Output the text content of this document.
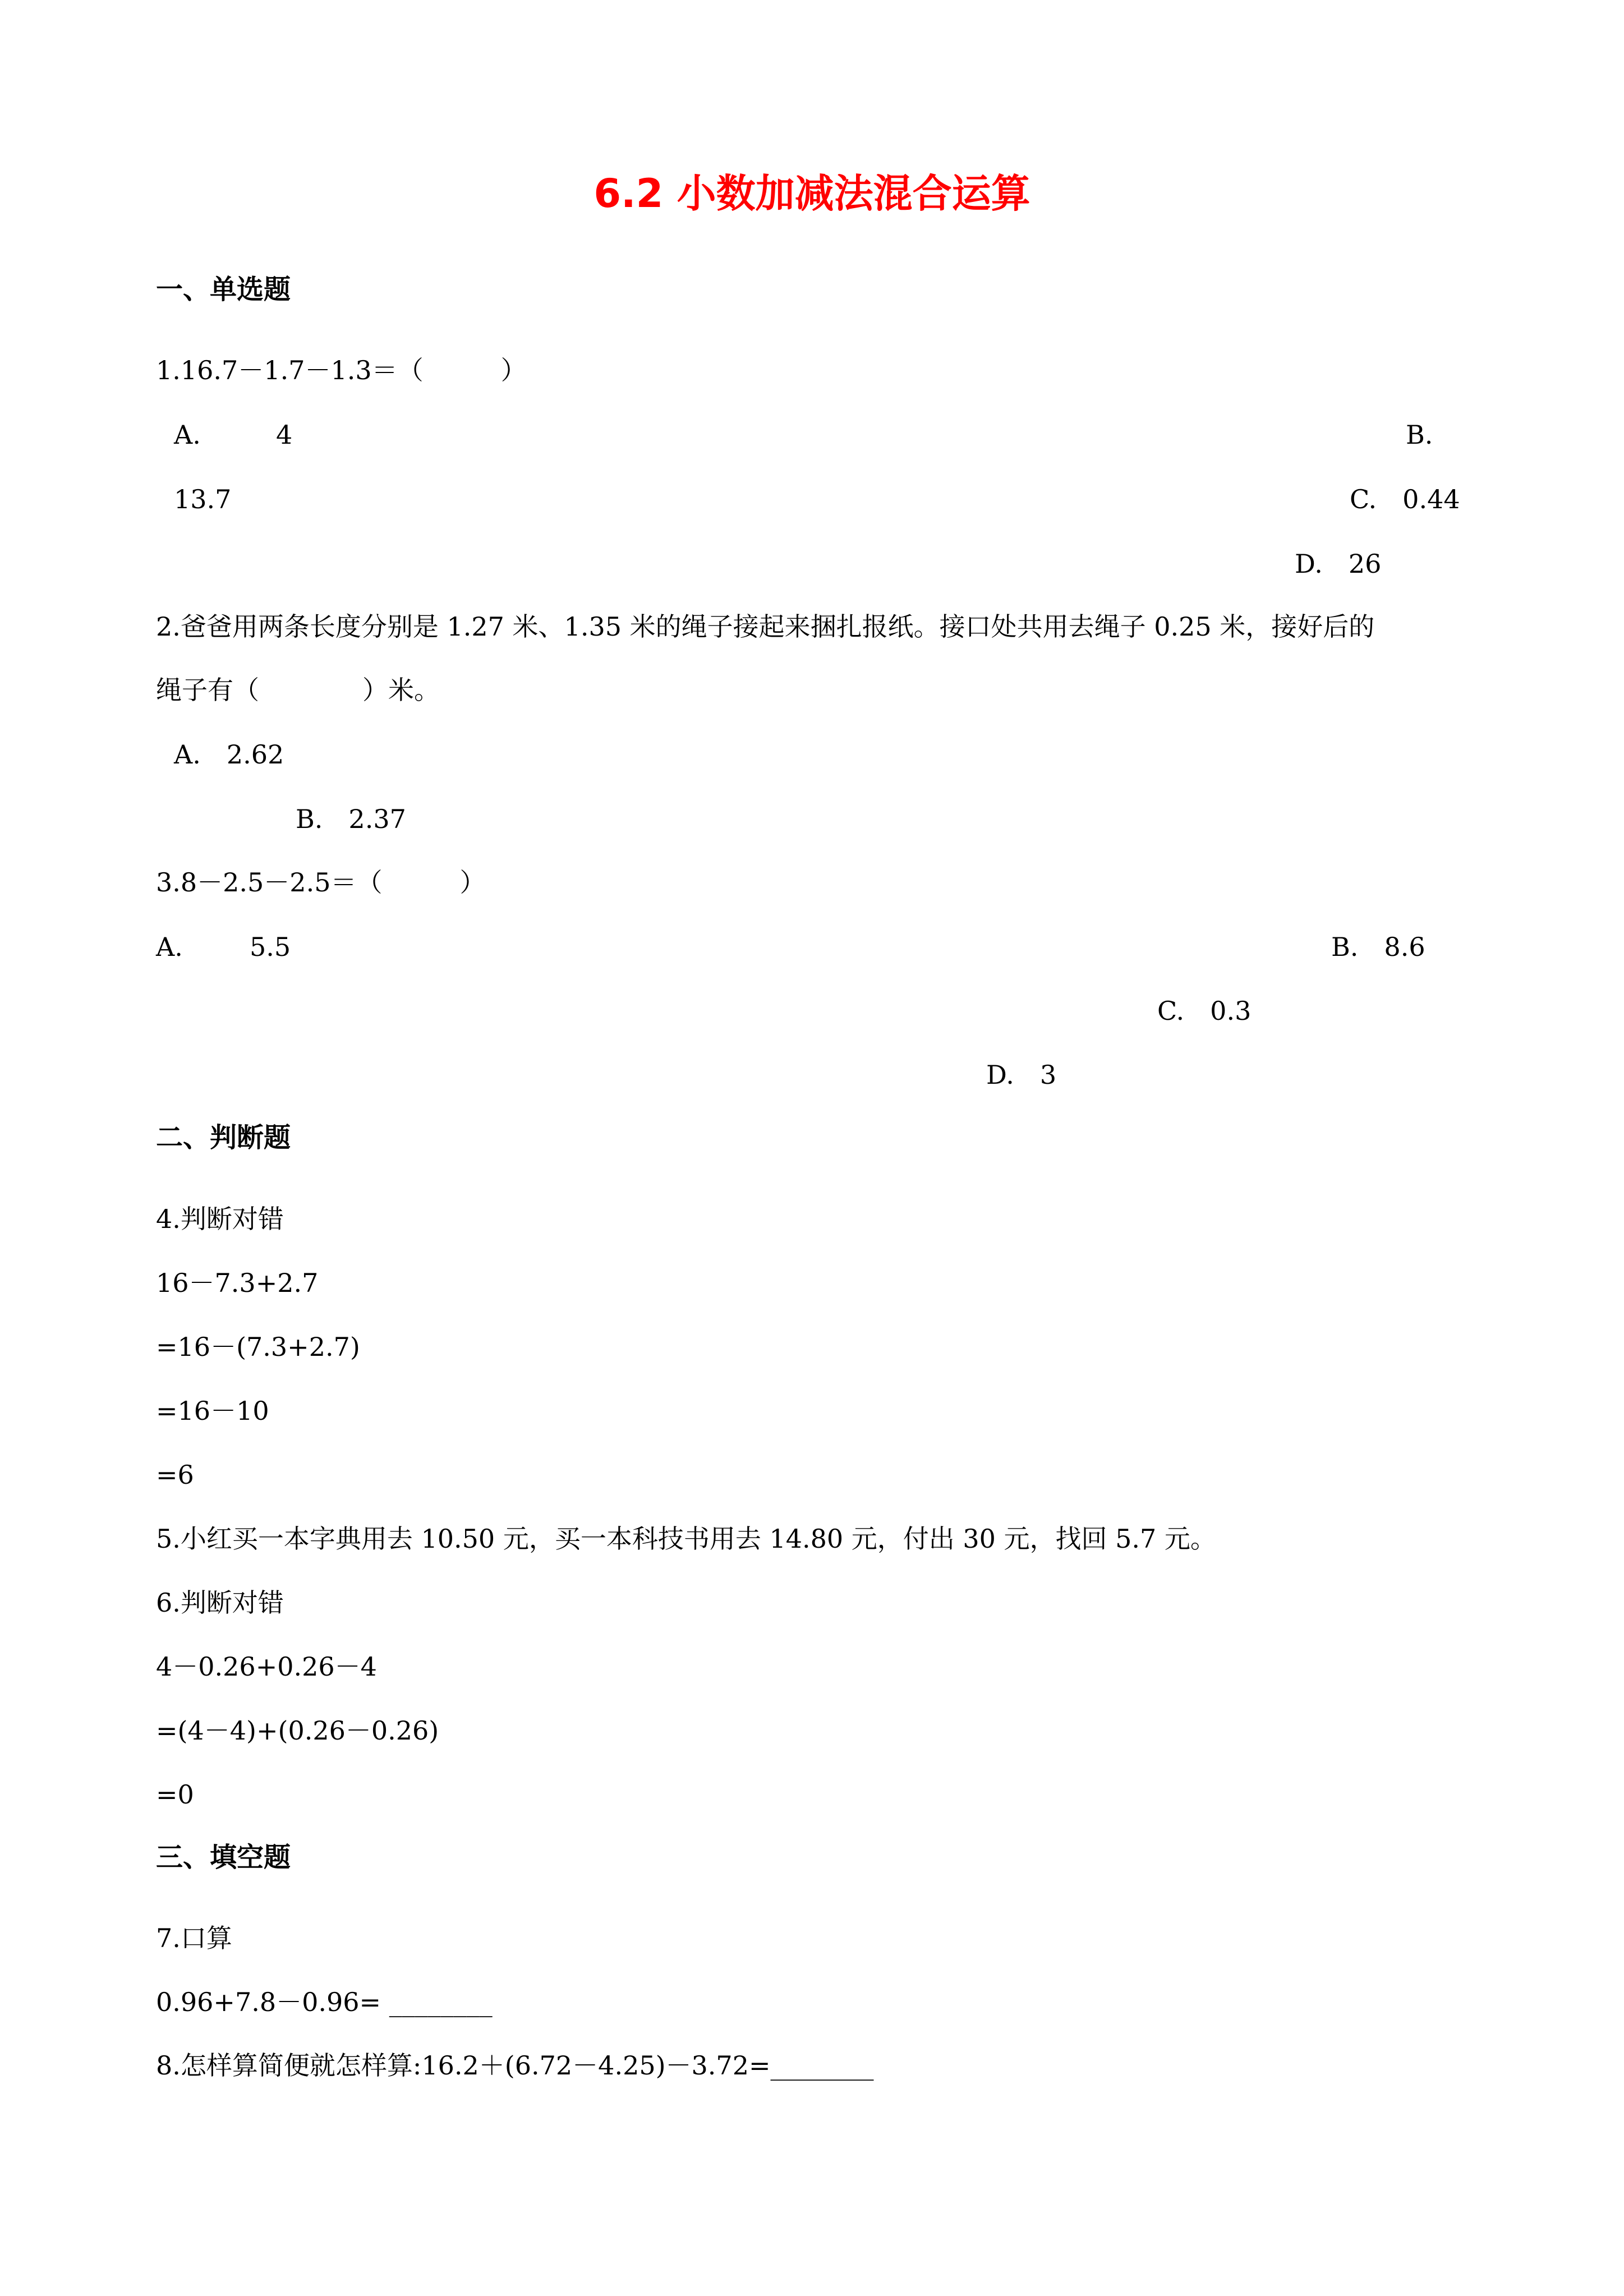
6.2 小数加减法混合运算
一、单选题
1.16.7－1.7－1.3＝（　　　）
A.	4	B.
13.7	C.　0.44
D.　26
2.爸爸用两条长度分别是 1.27 米、1.35 米的绳子接起来捆扎报纸。接口处共用去绳子 0.25 米，接好后的
绳子有（　　　　）米。
A.　2.62
B.　2.37
3.8－2.5－2.5＝（　　　）
A.	5.5	B.　8.6
C.　0.3
D.　3
二、判断题
4.判断对错
16－7.3+2.7
=16－(7.3+2.7)
=16－10
=6
5.小红买一本字典用去 10.50 元，买一本科技书用去 14.80 元，付出 30 元，找回 5.7 元。
6.判断对错
4－0.26+0.26－4
=(4－4)+(0.26－0.26)
=0
三、填空题
7.口算
0.96+7.8－0.96= ________
8.怎样算简便就怎样算:16.2＋(6.72－4.25)－3.72=________
